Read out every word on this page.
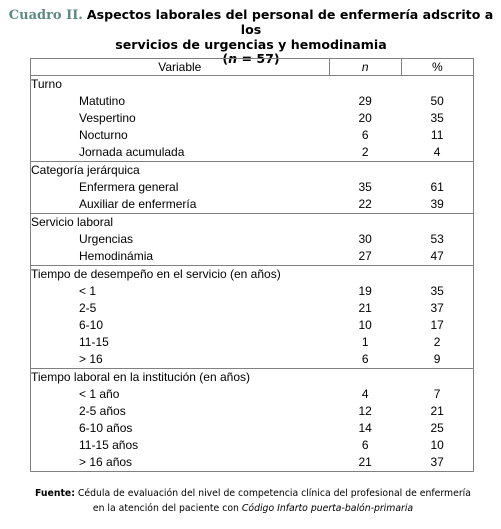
Cuadro II. Aspectos laborales del personal de enfermería adscrito a los
servicios de urgencias y hemodinamia
(n = 57)
Variable	n	%
Turno		
Matutino	29	50
Vespertino	20	35
Nocturno	6	11
Jornada acumulada	2	4
Categoría jerárquica		
Enfermera general	35	61
Auxiliar de enfermería	22	39
Servicio laboral		
Urgencias	30	53
Hemodinámia	27	47
Tiempo de desempeño en el servicio (en años)		
< 1	19	35
2-5	21	37
6-10	10	17
11-15	1	2
> 16	6	9
Tiempo laboral en la institución (en años)		
< 1 año	4	7
2-5 años	12	21
6-10 años	14	25
11-15 años	6	10
> 16 años	21	37
Fuente: Cédula de evaluación del nivel de competencia clínica del profesional de enfermería
en la atención del paciente con Código Infarto puerta-balón-primaria
